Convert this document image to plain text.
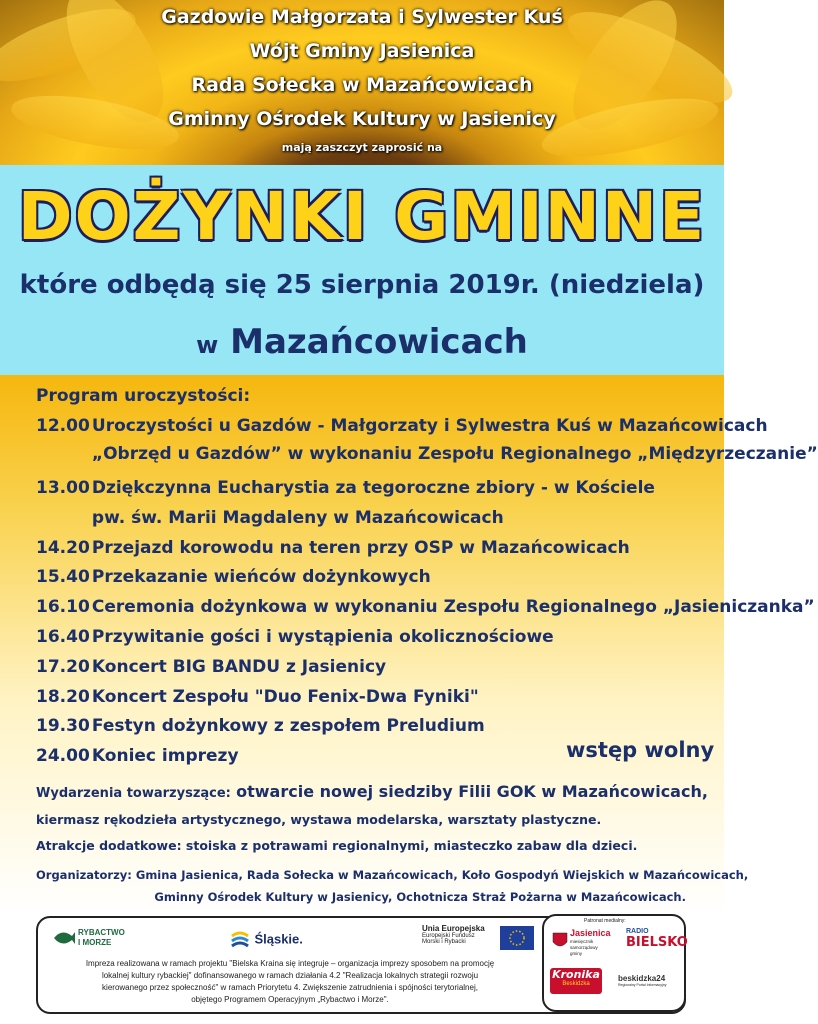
Gazdowie Małgorzata i Sylwester Kuś
Wójt Gminy Jasienica
Rada Sołecka w Mazańcowicach
Gminny Ośrodek Kultury w Jasienicy
mają zaszczyt zaprosić na
DOŻYNKI GMINNE
które odbędą się 25 sierpnia 2019r. (niedziela)
w Mazańcowicach
Program uroczystości:
12.00 Uroczystości u Gazdów - Małgorzaty i Sylwestra Kuś w Mazańcowicach
„Obrzęd u Gazdów” w wykonaniu Zespołu Regionalnego „Międzyrzeczanie”
13.00 Dziękczynna Eucharystia za tegoroczne zbiory - w Kościele
pw. św. Marii Magdaleny w Mazańcowicach
14.20 Przejazd korowodu na teren przy OSP w Mazańcowicach
15.40 Przekazanie wieńców dożynkowych
16.10 Ceremonia dożynkowa w wykonaniu Zespołu Regionalnego „Jasieniczanka”
16.40 Przywitanie gości i wystąpienia okolicznościowe
17.20 Koncert BIG BANDU z Jasienicy
18.20 Koncert Zespołu "Duo Fenix-Dwa Fyniki"
19.30 Festyn dożynkowy z zespołem Preludium
24.00 Koniec imprezy	wstęp wolny
Wydarzenia towarzyszące: otwarcie nowej siedziby Filii GOK w Mazańcowicach,
kiermasz rękodzieła artystycznego, wystawa modelarska, warsztaty plastyczne.
Atrakcje dodatkowe: stoiska z potrawami regionalnymi, miasteczko zabaw dla dzieci.
Organizatorzy: Gmina Jasienica, Rada Sołecka w Mazańcowicach, Koło Gospodyń Wiejskich w Mazańcowicach,
Gminny Ośrodek Kultury w Jasienicy, Ochotnicza Straż Pożarna w Mazańcowicach.
RYBACTWO
I MORZE	Śląskie.
Unia Europejska
Europejski Fundusz
Morski i Rybacki
Impreza realizowana w ramach projektu "Bielska Kraina się integruje – organizacja imprezy sposobem na promocję
lokalnej kultury rybackiej" dofinansowanego w ramach działania 4.2 "Realizacja lokalnych strategii rozwoju
kierowanego przez społeczność" w ramach Priorytetu 4. Zwiększenie zatrudnienia i spójności terytorialnej,
objętego Programem Operacyjnym „Rybactwo i Morze".
Patronat medialny:
Jasienica
miesięcznik samorządowy gminy
RADIO
BIELSKO
Kronika
Beskidzka
beskidzka24
Regionalny Portal Informacyjny
